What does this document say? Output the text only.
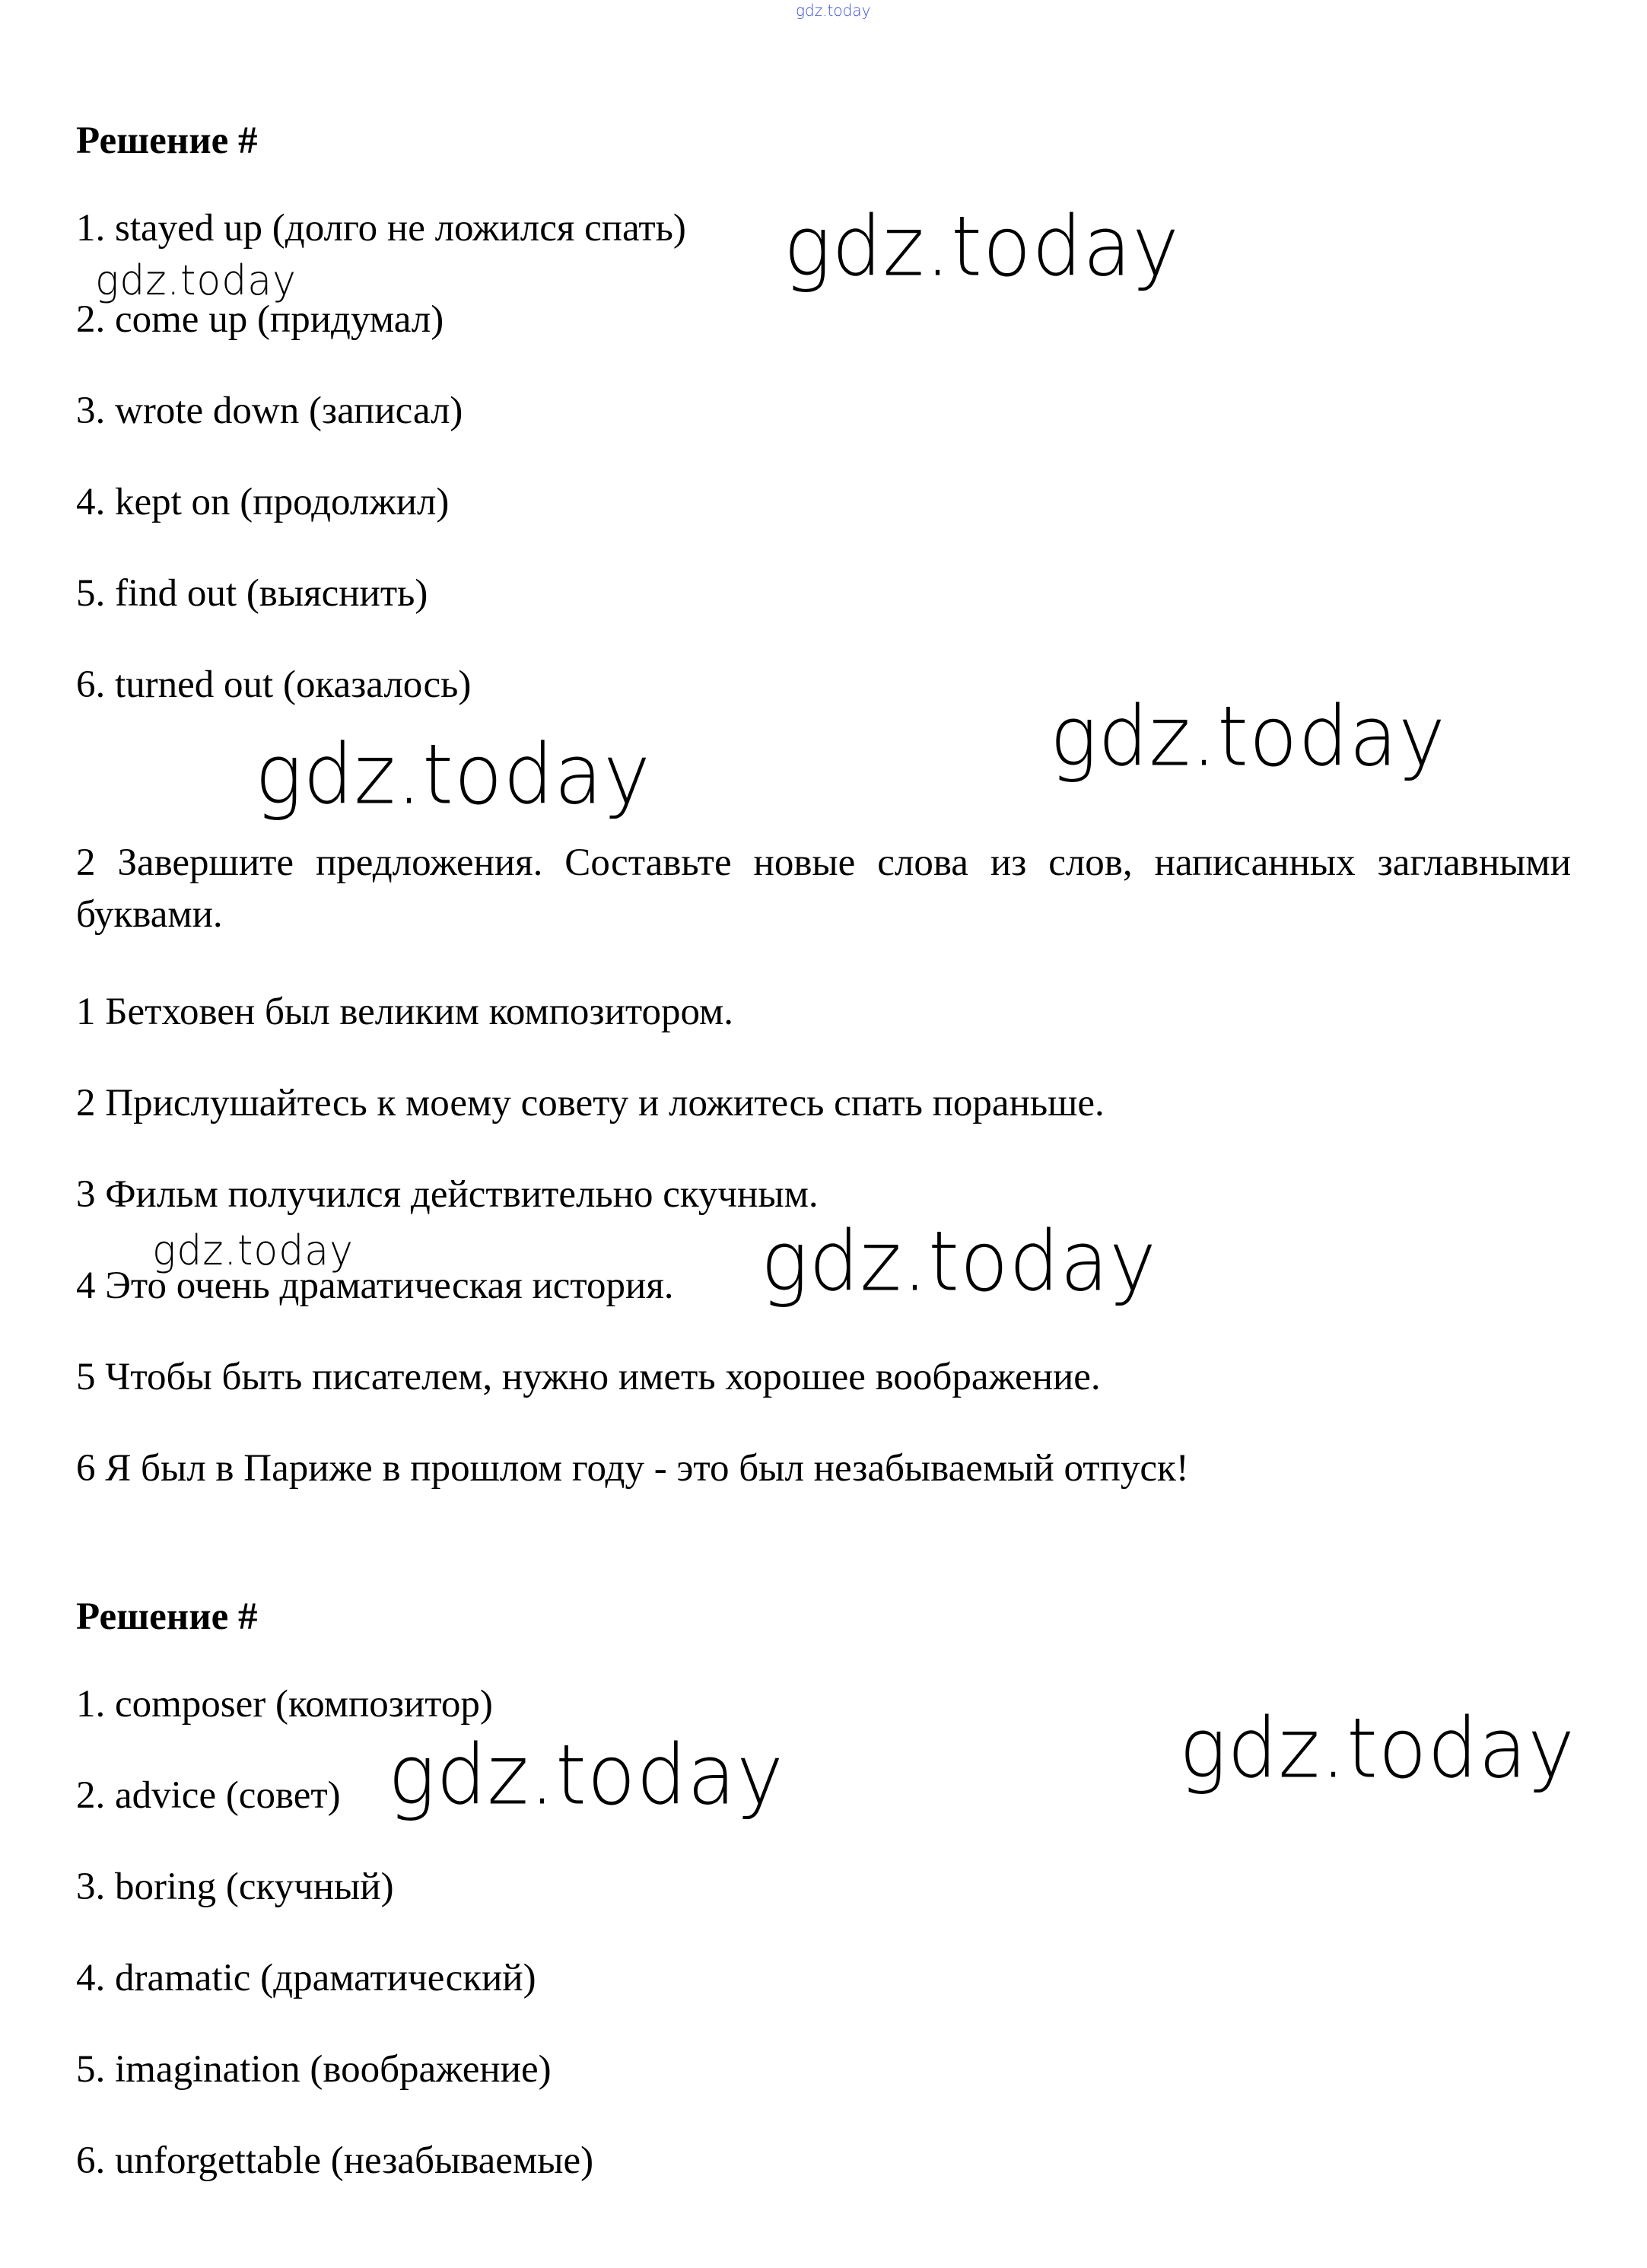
gdz.today
Решение #
1. stayed up (долго не ложился спать)
2. come up (придумал)
3. wrote down (записал)
4. kept on (продолжил)
5. find out (выяснить)
6. turned out (оказалось)
2 Завершите предложения. Составьте новые слова из слов, написанных заглавными буквами.
1 Бетховен был великим композитором.
2 Прислушайтесь к моему совету и ложитесь спать пораньше.
3 Фильм получился действительно скучным.
4 Это очень драматическая история.
5 Чтобы быть писателем, нужно иметь хорошее воображение.
6 Я был в Париже в прошлом году - это был незабываемый отпуск!
Решение #
1. composer (композитор)
2. advice (совет)
3. boring (скучный)
4. dramatic (драматический)
5. imagination (воображение)
6. unforgettable (незабываемые)
gdz.today
gdz.today
gdz.today
gdz.today
gdz.today	gdz.today
gdz.today
gdz.today
